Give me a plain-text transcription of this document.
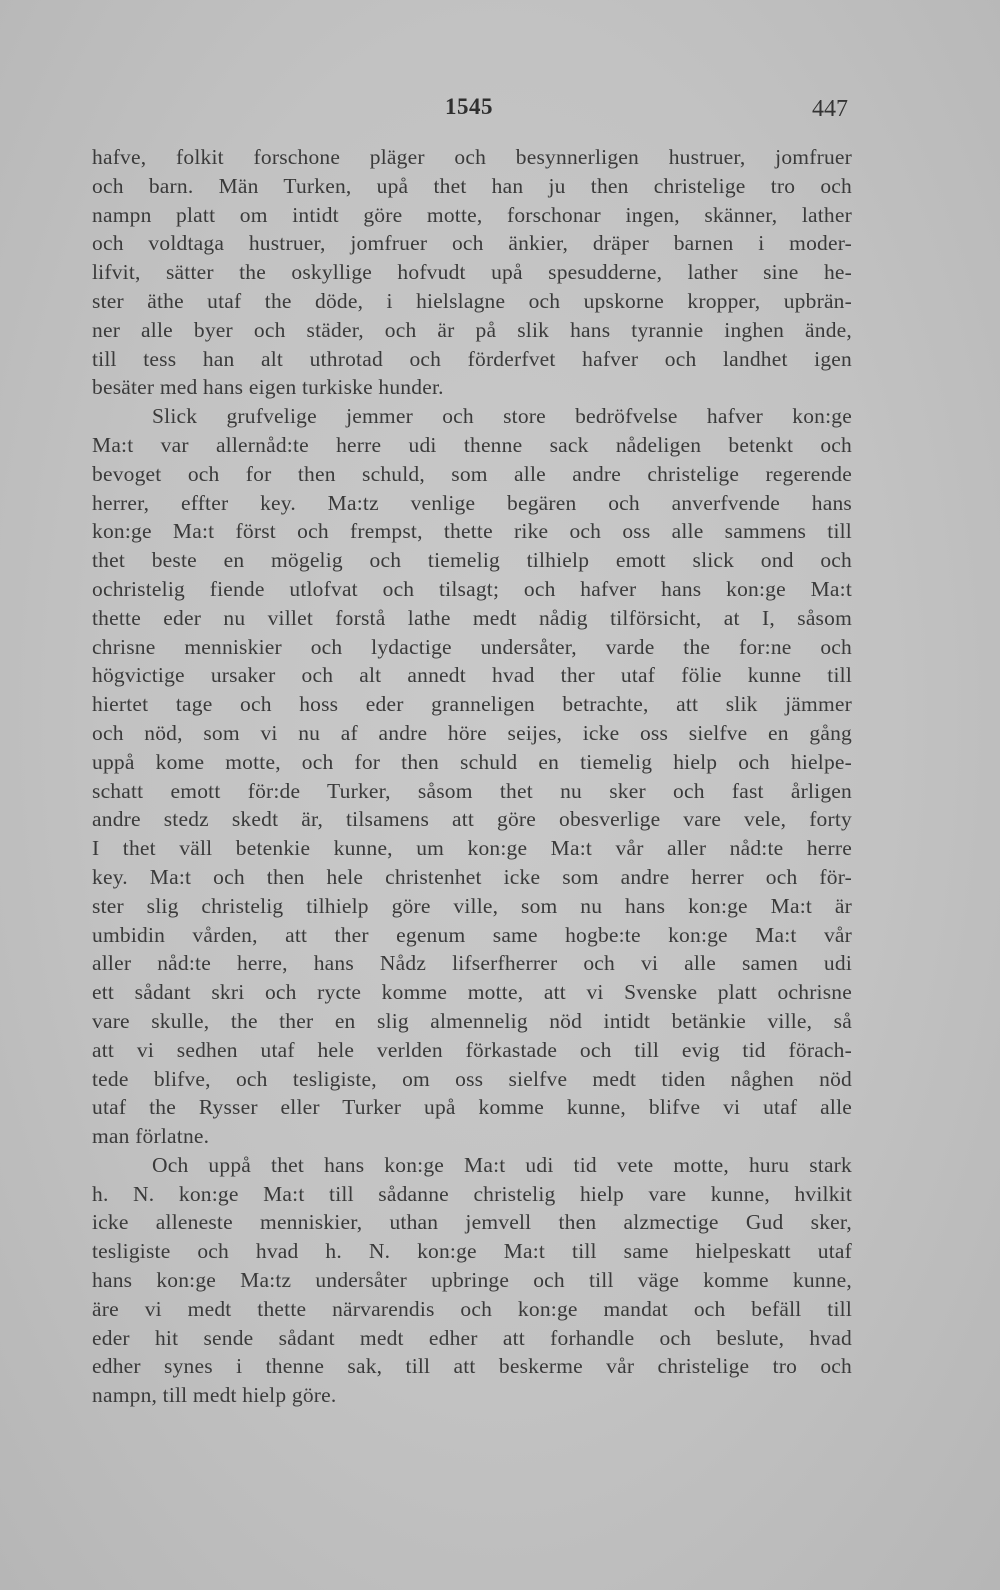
1545	447
hafve, folkit forschone pläger och besynnerligen hustruer, jomfruer
och barn. Män Turken, upå thet han ju then christelige tro och
nampn platt om intidt göre motte, forschonar ingen, skänner, lather
och voldtaga hustruer, jomfruer och änkier, dräper barnen i moder-
lifvit, sätter the oskyllige hofvudt upå spesudderne, lather sine he-
ster äthe utaf the döde, i hielslagne och upskorne kropper, upbrän-
ner alle byer och städer, och är på slik hans tyrannie inghen ände,
till tess han alt uthrotad och förderfvet hafver och landhet igen
besäter med hans eigen turkiske hunder.
Slick grufvelige jemmer och store bedröfvelse hafver kon:ge
Ma:t var allernåd:te herre udi thenne sack nådeligen betenkt och
bevoget och for then schuld, som alle andre christelige regerende
herrer, effter key. Ma:tz venlige begären och anverfvende hans
kon:ge Ma:t först och frempst, thette rike och oss alle sammens till
thet beste en mögelig och tiemelig tilhielp emott slick ond och
ochristelig fiende utlofvat och tilsagt; och hafver hans kon:ge Ma:t
thette eder nu villet forstå lathe medt nådig tilförsicht, at I, såsom
chrisne menniskier och lydactige undersåter, varde the for:ne och
högvictige ursaker och alt annedt hvad ther utaf fölie kunne till
hiertet tage och hoss eder granneligen betrachte, att slik jämmer
och nöd, som vi nu af andre höre seijes, icke oss sielfve en gång
uppå kome motte, och for then schuld en tiemelig hielp och hielpe-
schatt emott för:de Turker, såsom thet nu sker och fast årligen
andre stedz skedt är, tilsamens att göre obesverlige vare vele, forty
I thet väll betenkie kunne, um kon:ge Ma:t vår aller nåd:te herre
key. Ma:t och then hele christenhet icke som andre herrer och för-
ster slig christelig tilhielp göre ville, som nu hans kon:ge Ma:t är
umbidin vården, att ther egenum same hogbe:te kon:ge Ma:t vår
aller nåd:te herre, hans Nådz lifserfherrer och vi alle samen udi
ett sådant skri och rycte komme motte, att vi Svenske platt ochrisne
vare skulle, the ther en slig almennelig nöd intidt betänkie ville, så
att vi sedhen utaf hele verlden förkastade och till evig tid förach-
tede blifve, och tesligiste, om oss sielfve medt tiden någhen nöd
utaf the Rysser eller Turker upå komme kunne, blifve vi utaf alle
man förlatne.
Och uppå thet hans kon:ge Ma:t udi tid vete motte, huru stark
h. N. kon:ge Ma:t till sådanne christelig hielp vare kunne, hvilkit
icke alleneste menniskier, uthan jemvell then alzmectige Gud sker,
tesligiste och hvad h. N. kon:ge Ma:t till same hielpeskatt utaf
hans kon:ge Ma:tz undersåter upbringe och till väge komme kunne,
äre vi medt thette närvarendis och kon:ge mandat och befäll till
eder hit sende sådant medt edher att forhandle och beslute, hvad
edher synes i thenne sak, till att beskerme vår christelige tro och
nampn, till medt hielp göre.
